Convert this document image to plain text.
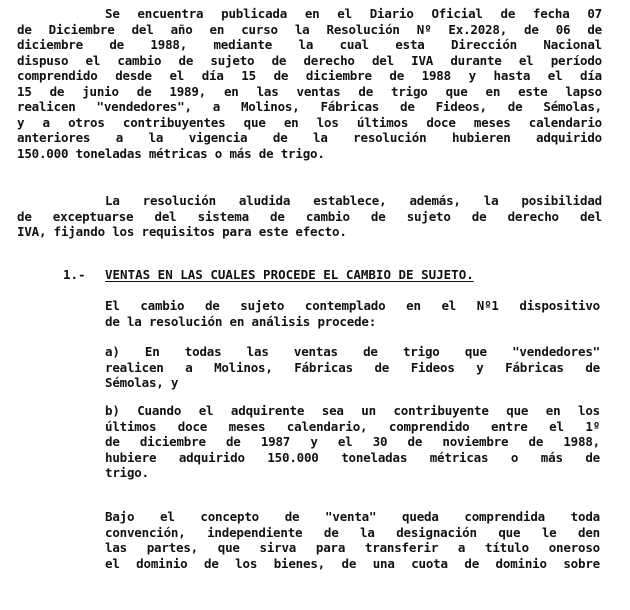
Se encuentra publicada en el Diario Oficial de fecha 07
de Diciembre del año en curso la Resolución Nº Ex.2028, de 06 de
diciembre de 1988, mediante la cual esta Dirección Nacional
dispuso el cambio de sujeto de derecho del IVA durante el período
comprendido desde el día 15 de diciembre de 1988 y hasta el día
15 de junio de 1989, en las ventas de trigo que en este lapso
realicen "vendedores", a Molinos, Fábricas de Fideos, de Sémolas,
y a otros contribuyentes que en los últimos doce meses calendario
anteriores a la vigencia de la resolución hubieren adquirido
150.000 toneladas métricas o más de trigo.
La resolución aludida establece, además, la posibilidad
de exceptuarse del sistema de cambio de sujeto de derecho del
IVA, fijando los requisitos para este efecto.
1.- VENTAS EN LAS CUALES PROCEDE EL CAMBIO DE SUJETO.
El cambio de sujeto contemplado en el Nº1 dispositivo
de la resolución en análisis procede:
a) En todas las ventas de trigo que "vendedores"
realicen a Molinos, Fábricas de Fideos y Fábricas de
Sémolas, y
b) Cuando el adquirente sea un contribuyente que en los
últimos doce meses calendario, comprendido entre el 1º
de diciembre de 1987 y el 30 de noviembre de 1988,
hubiere adquirido 150.000 toneladas métricas o más de
trigo.
Bajo el concepto de "venta" queda comprendida toda
convención, independiente de la designación que le den
las partes, que sirva para transferir a título oneroso
el dominio de los bienes, de una cuota de dominio sobre
